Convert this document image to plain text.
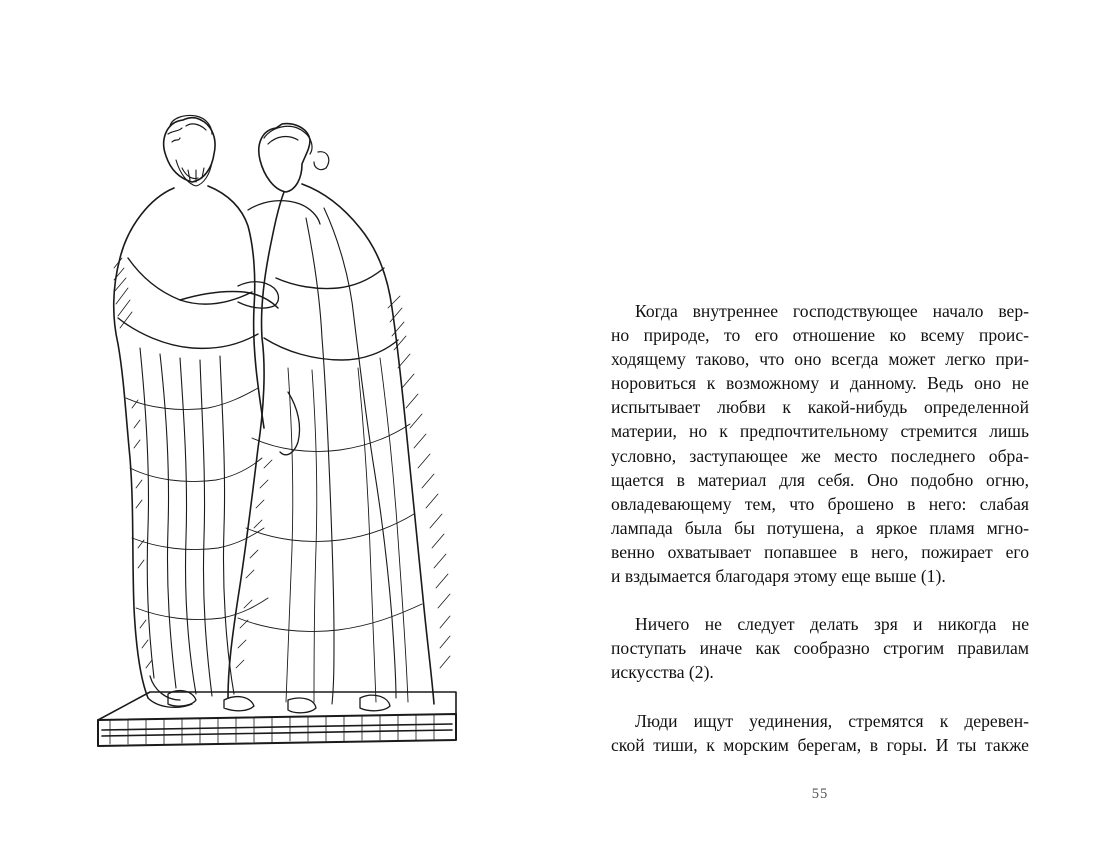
Когда внутреннее господствующее начало вер-
но природе, то его отношение ко всему проис-
ходящему таково, что оно всегда может легко при-
норовиться к возможному и данному. Ведь оно не
испытывает любви к какой-нибудь определенной
материи, но к предпочтительному стремится лишь
условно, заступающее же место последнего обра-
щается в материал для себя. Оно подобно огню,
овладевающему тем, что брошено в него: слабая
лампада была бы потушена, а яркое пламя мгно-
венно охватывает попавшее в него, пожирает его
и вздымается благодаря этому еще выше (1).

Ничего не следует делать зря и никогда не
поступать иначе как сообразно строгим правилам
искусства (2).

Люди ищут уединения, стремятся к деревен-
ской тиши, к морским берегам, в горы. И ты также

55
